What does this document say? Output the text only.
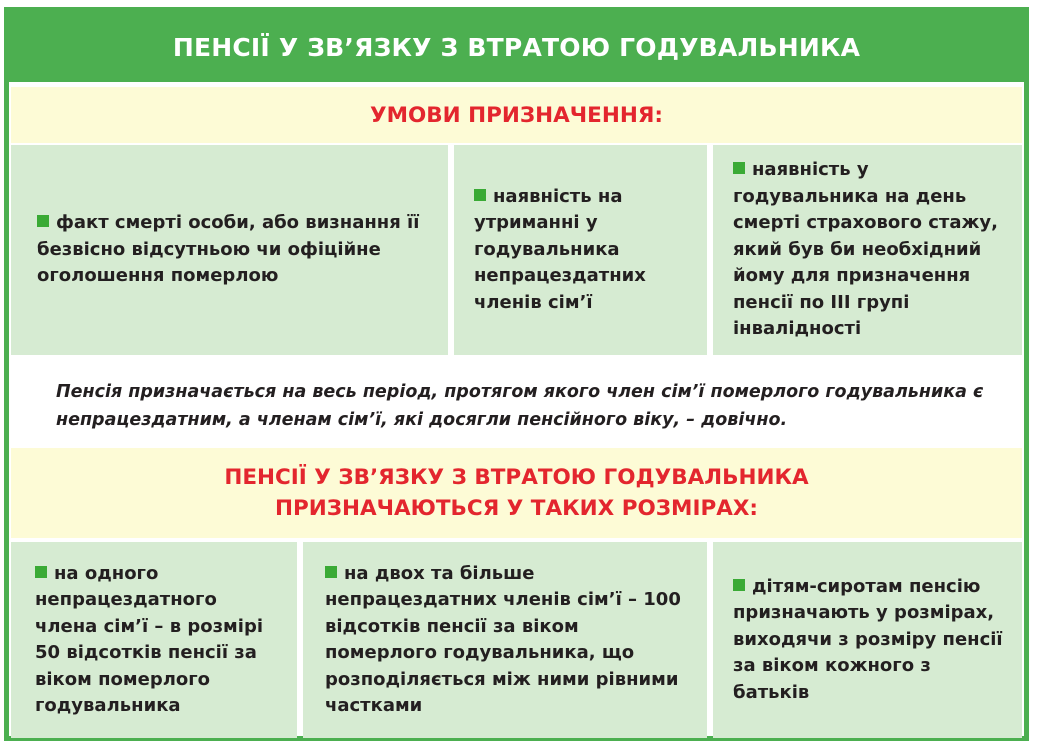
ПЕНСІЇ У ЗВ’ЯЗКУ З ВТРАТОЮ ГОДУВАЛЬНИКА
УМОВИ ПРИЗНАЧЕННЯ:

факт смерті особи, або визнання її безвісно відсутньою чи офіційне оголошення померлою

наявність на утриманні у годувальника непрацездатних членів сім’ї

наявність у годувальника на день смерті страхового стажу, який був би необхідний йому для призначення пенсії по ІІІ групі інвалідності

Пенсія призначається на весь період, протягом якого член сім’ї померлого годувальника є непрацездатним, а членам сім’ї, які досягли пенсійного віку, – довічно.

ПЕНСІЇ У ЗВ’ЯЗКУ З ВТРАТОЮ ГОДУВАЛЬНИКА
ПРИЗНАЧАЮТЬСЯ У ТАКИХ РОЗМІРАХ:

на одного непрацездатного члена сім’ї – в розмірі 50 відсотків пенсії за віком померлого годувальника

на двох та більше непрацездатних членів сім’ї – 100 відсотків пенсії за віком померлого годувальника, що розподіляється між ними рівними частками

дітям-сиротам пенсію призначають у розмірах, виходячи з розміру пенсії за віком кожного з батьків
